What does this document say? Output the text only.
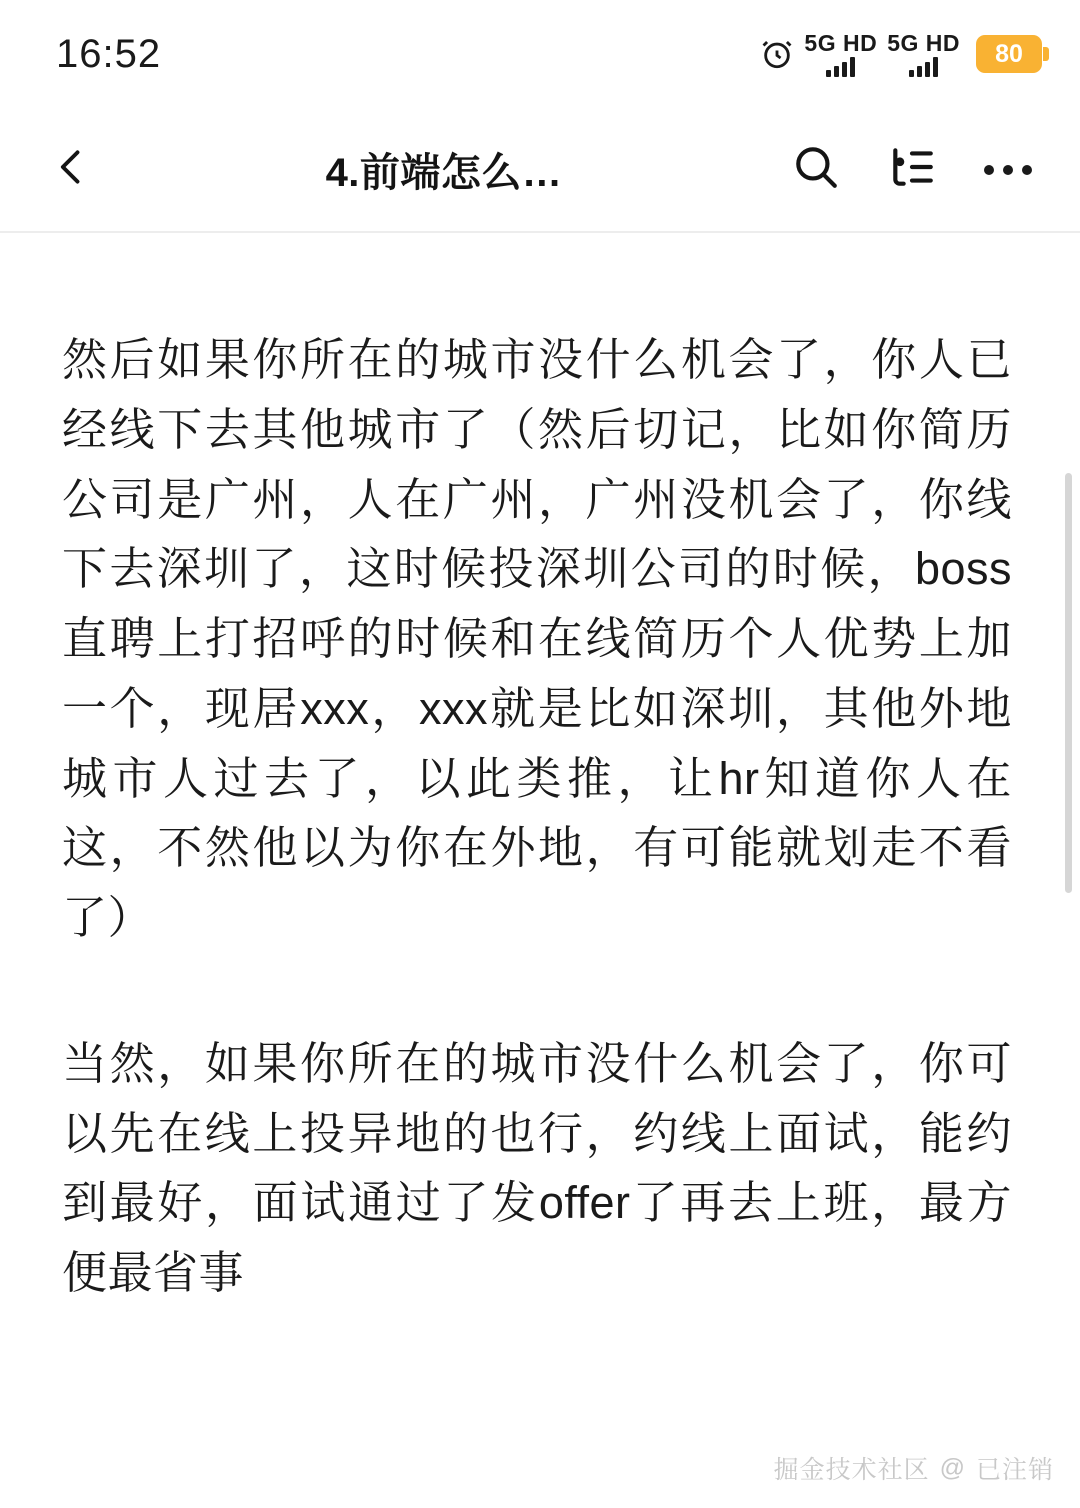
16:52	5G HD 5G HD 80
4.前端怎么…

然后如果你所在的城市没什么机会了，你人已经线下去其他城市了（然后切记，比如你简历公司是广州，人在广州，广州没机会了，你线下去深圳了，这时候投深圳公司的时候，boss直聘上打招呼的时候和在线简历个人优势上加一个，现居xxx，xxx就是比如深圳，其他外地城市人过去了，以此类推，让hr知道你人在这，不然他以为你在外地，有可能就划走不看了）

当然，如果你所在的城市没什么机会了，你可以先在线上投异地的也行，约线上面试，能约到最好，面试通过了发offer了再去上班，最方便最省事

掘金技术社区 @ 已注销
